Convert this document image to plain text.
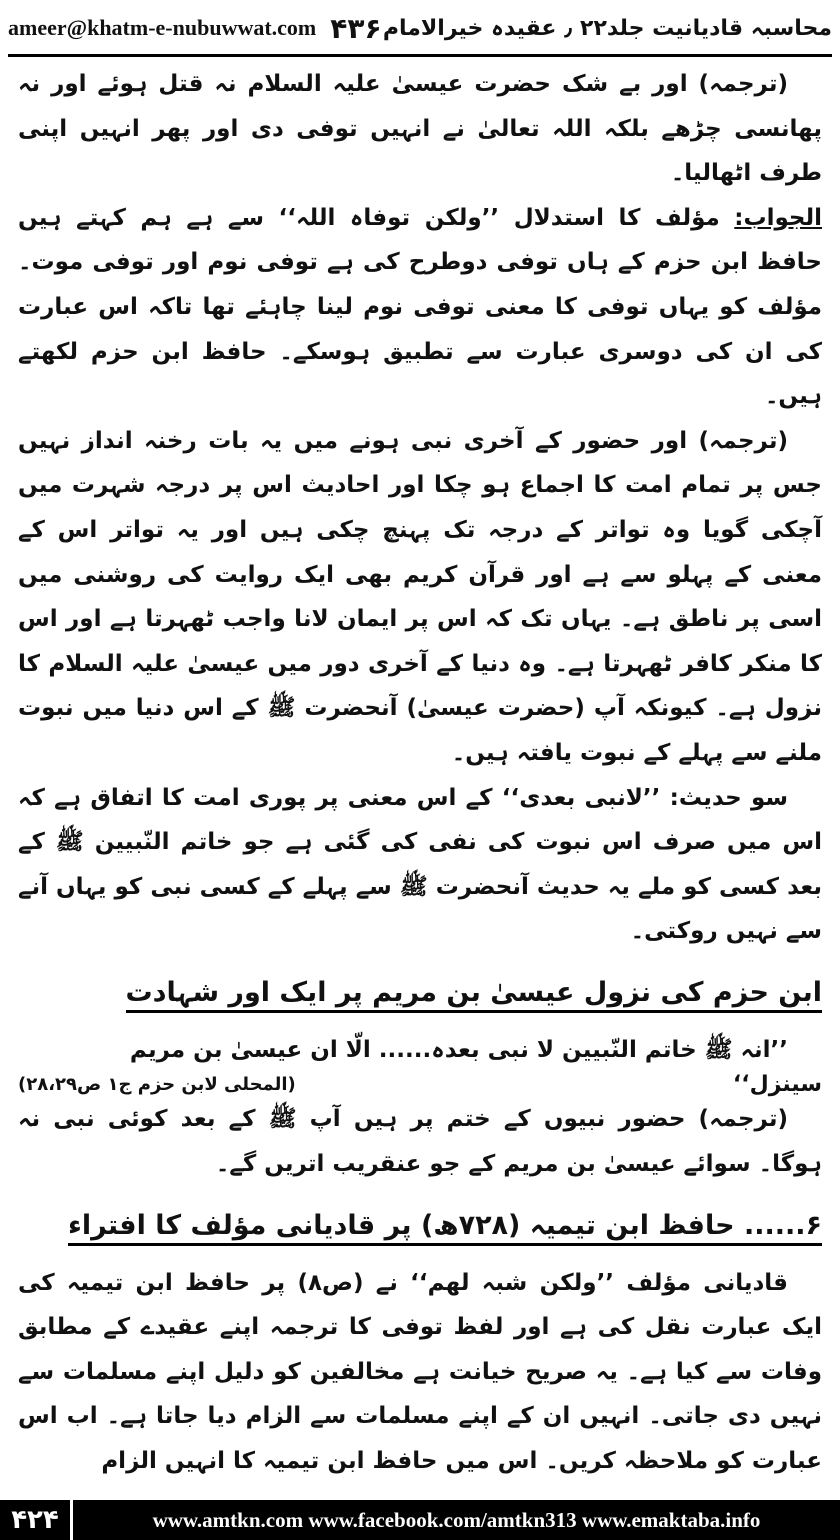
ameer@khatm-e-nubuwwat.com ۴۳۶ محاسبہ قادیانیت جلد۲۲ ٫ عقیدہ خیرالامام

(ترجمہ) اور بے شک حضرت عیسیٰ علیہ السلام نہ قتل ہوئے اور نہ پھانسی چڑھے بلکہ اللہ تعالیٰ نے انہیں توفی دی اور پھر انہیں اپنی طرف اٹھالیا۔

الجواب: مؤلف کا استدلال ’’ولکن توفاہ اللہ‘‘ سے ہے ہم کہتے ہیں حافظ ابن حزم کے ہاں توفی دوطرح کی ہے توفی نوم اور توفی موت۔ مؤلف کو یہاں توفی کا معنی توفی نوم لینا چاہئے تھا تاکہ اس عبارت کی ان کی دوسری عبارت سے تطبیق ہوسکے۔ حافظ ابن حزم لکھتے ہیں۔

(ترجمہ) اور حضور کے آخری نبی ہونے میں یہ بات رخنہ انداز نہیں جس پر تمام امت کا اجماع ہو چکا اور احادیث اس پر درجہ شہرت میں آچکی گویا وہ تواتر کے درجہ تک پہنچ چکی ہیں اور یہ تواتر اس کے معنی کے پہلو سے ہے اور قرآن کریم بھی ایک روایت کی روشنی میں اسی پر ناطق ہے۔ یہاں تک کہ اس پر ایمان لانا واجب ٹھہرتا ہے اور اس کا منکر کافر ٹھہرتا ہے۔ وہ دنیا کے آخری دور میں عیسیٰ علیہ السلام کا نزول ہے۔ کیونکہ آپ (حضرت عیسیٰ) آنحضرت ﷺ کے اس دنیا میں نبوت ملنے سے پہلے کے نبوت یافتہ ہیں۔

سو حدیث: ’’لانبی بعدی‘‘ کے اس معنی پر پوری امت کا اتفاق ہے کہ اس میں صرف اس نبوت کی نفی کی گئی ہے جو خاتم النّبیین ﷺ کے بعد کسی کو ملے یہ حدیث آنحضرت ﷺ سے پہلے کے کسی نبی کو یہاں آنے سے نہیں روکتی۔

ابن حزم کی نزول عیسیٰ بن مریم پر ایک اور شہادت

’’انہ ﷺ خاتم النّبیین لا نبی بعدہ...... الّا ان عیسیٰ بن مریم

سینزل‘‘
(المحلی لابن حزم ج۱ ص۲۸،۲۹)

(ترجمہ) حضور نبیوں کے ختم پر ہیں آپ ﷺ کے بعد کوئی نبی نہ ہوگا۔ سوائے عیسیٰ بن مریم کے جو عنقریب اتریں گے۔

۶...... حافظ ابن تیمیہ (۷۲۸ھ) پر قادیانی مؤلف کا افتراء

قادیانی مؤلف ’’ولکن شبہ لھم‘‘ نے (ص۸) پر حافظ ابن تیمیہ کی ایک عبارت نقل کی ہے اور لفظ توفی کا ترجمہ اپنے عقیدے کے مطابق وفات سے کیا ہے۔ یہ صریح خیانت ہے مخالفین کو دلیل اپنے مسلمات سے نہیں دی جاتی۔ انہیں ان کے اپنے مسلمات سے الزام دیا جاتا ہے۔ اب اس عبارت کو ملاحظہ کریں۔ اس میں حافظ ابن تیمیہ کا انہیں الزام

۴۲۴	www.amtkn.com www.facebook.com/amtkn313 www.emaktaba.info
